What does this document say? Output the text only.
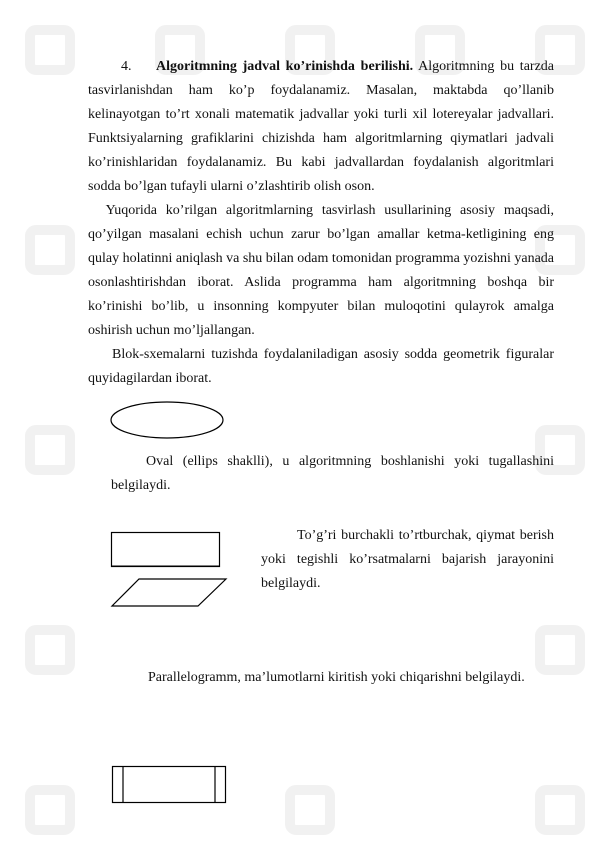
4. Algoritmning jadval ko’rinishda berilishi. Algoritmning bu tarzda tasvirlanishdan ham ko’p foydalanamiz. Masalan, maktabda qo’llanib kelinayotgan to’rt xonali matematik jadvallar yoki turli xil lotereyalar jadvallari. Funktsiyalarning grafiklarini chizishda ham algoritmlarning qiymatlari jadvali ko’rinishlaridan foydalanamiz. Bu kabi jadvallardan foydalanish algoritmlari sodda bo’lgan tufayli ularni o’zlashtirib olish oson.

Yuqorida ko’rilgan algoritmlarning tasvirlash usullarining asosiy maqsadi, qo’yilgan masalani echish uchun zarur bo’lgan amallar ketma-ketligining eng qulay holatinni aniqlash va shu bilan odam tomonidan programma yozishni yanada osonlashtirishdan iborat. Aslida programma ham algoritmning boshqa bir ko’rinishi bo’lib, u insonning kompyuter bilan muloqotini qulayrok amalga oshirish uchun mo’ljallangan.

Blok-sxemalarni tuzishda foydalaniladigan asosiy sodda geometrik figuralar quyidagilardan iborat.

Oval (ellips shaklli), u algoritmning boshlanishi yoki tugallashini belgilaydi.

To’g’ri burchakli to’rtburchak, qiymat berish yoki tegishli ko’rsatmalarni bajarish jarayonini belgilaydi.

Parallelogramm, ma’lumotlarni kiritish yoki chiqarishni belgilaydi.
